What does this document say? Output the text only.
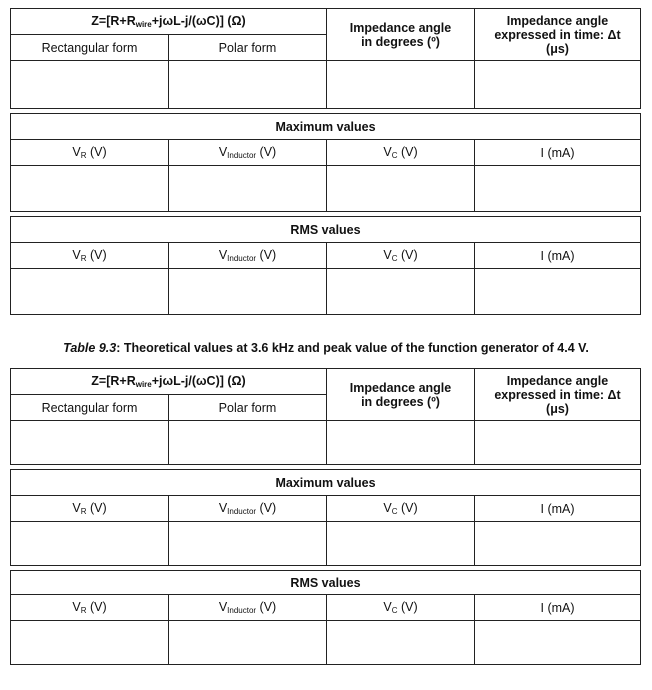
$Z=[R+R_{wire}+j\omega L-j/(\omega C)]$ (Ω)		Impedance angle in degrees (º)	Impedance angle expressed in time: Δt (μs)
Rectangular form	Polar form		

Maximum values			
$V_R$ (V)	$V_{Inductor}$ (V)	$V_C$ (V)	I (mA)

RMS values			
$V_R$ (V)	$V_{Inductor}$ (V)	$V_C$ (V)	I (mA)

Table 9.3: Theoretical values at 3.6 kHz and peak value of the function generator of 4.4 V.
$Z=[R+R_{wire}+j\omega L-j/(\omega C)]$ (Ω)		Impedance angle in degrees (º)	Impedance angle expressed in time: Δt (μs)
Rectangular form	Polar form		

Maximum values			
$V_R$ (V)	$V_{Inductor}$ (V)	$V_C$ (V)	I (mA)

RMS values			
$V_R$ (V)	$V_{Inductor}$ (V)	$V_C$ (V)	I (mA)
